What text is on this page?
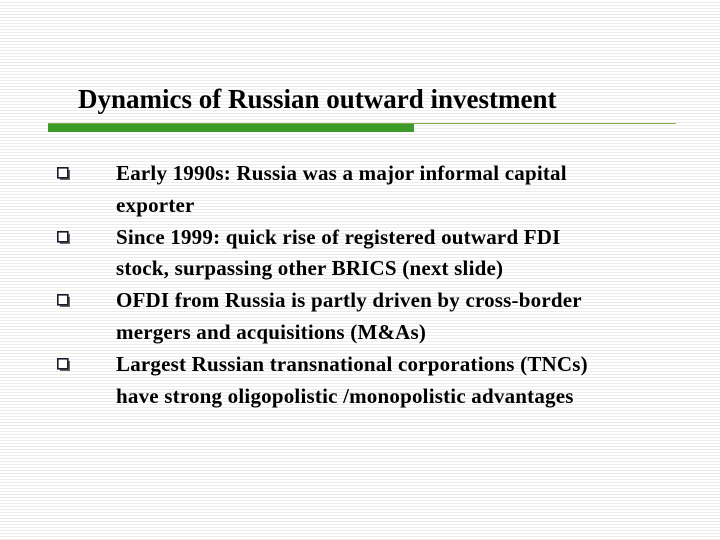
Dynamics of Russian outward investment
Early 1990s: Russia was a major informal capital
exporter
Since 1999: quick rise of registered outward FDI
stock, surpassing other BRICS (next slide)
OFDI from Russia is partly driven by cross-border
mergers and acquisitions (M&As)
Largest Russian transnational corporations (TNCs)
have strong oligopolistic /monopolistic advantages
